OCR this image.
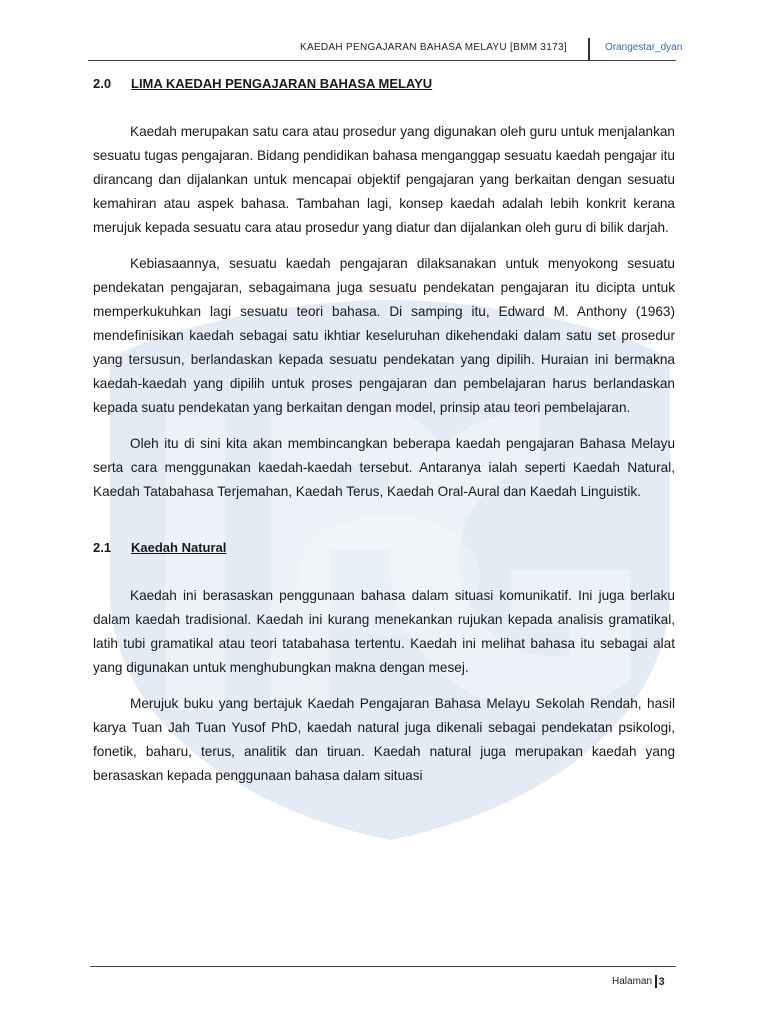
KAEDAH PENGAJARAN BAHASA MELAYU [BMM 3173]	Orangestar_dyan
2.0	LIMA KAEDAH PENGAJARAN BAHASA MELAYU

Kaedah merupakan satu cara atau prosedur yang digunakan oleh guru untuk menjalankan sesuatu tugas pengajaran. Bidang pendidikan bahasa menganggap sesuatu kaedah pengajar itu dirancang dan dijalankan untuk mencapai objektif pengajaran yang berkaitan dengan sesuatu kemahiran atau aspek bahasa. Tambahan lagi, konsep kaedah adalah lebih konkrit kerana merujuk kepada sesuatu cara atau prosedur yang diatur dan dijalankan oleh guru di bilik darjah.

Kebiasaannya, sesuatu kaedah pengajaran dilaksanakan untuk menyokong sesuatu pendekatan pengajaran, sebagaimana juga sesuatu pendekatan pengajaran itu dicipta untuk memperkukuhkan lagi sesuatu teori bahasa. Di samping itu, Edward M. Anthony (1963) mendefinisikan kaedah sebagai satu ikhtiar keseluruhan dikehendaki dalam satu set prosedur yang tersusun, berlandaskan kepada sesuatu pendekatan yang dipilih. Huraian ini bermakna kaedah-kaedah yang dipilih untuk proses pengajaran dan pembelajaran harus berlandaskan kepada suatu pendekatan yang berkaitan dengan model, prinsip atau teori pembelajaran.

Oleh itu di sini kita akan membincangkan beberapa kaedah pengajaran Bahasa Melayu serta cara menggunakan kaedah-kaedah tersebut. Antaranya ialah seperti Kaedah Natural, Kaedah Tatabahasa Terjemahan, Kaedah Terus, Kaedah Oral-Aural dan Kaedah Linguistik.

2.1	Kaedah Natural

Kaedah ini berasaskan penggunaan bahasa dalam situasi komunikatif. Ini juga berlaku dalam kaedah tradisional. Kaedah ini kurang menekankan rujukan kepada analisis gramatikal, latih tubi gramatikal atau teori tatabahasa tertentu. Kaedah ini melihat bahasa itu sebagai alat yang digunakan untuk menghubungkan makna dengan mesej.

Merujuk buku yang bertajuk Kaedah Pengajaran Bahasa Melayu Sekolah Rendah, hasil karya Tuan Jah Tuan Yusof PhD, kaedah natural juga dikenali sebagai pendekatan psikologi, fonetik, baharu, terus, analitik dan tiruan. Kaedah natural juga merupakan kaedah yang berasaskan kepada penggunaan bahasa dalam situasi

Halaman 3
